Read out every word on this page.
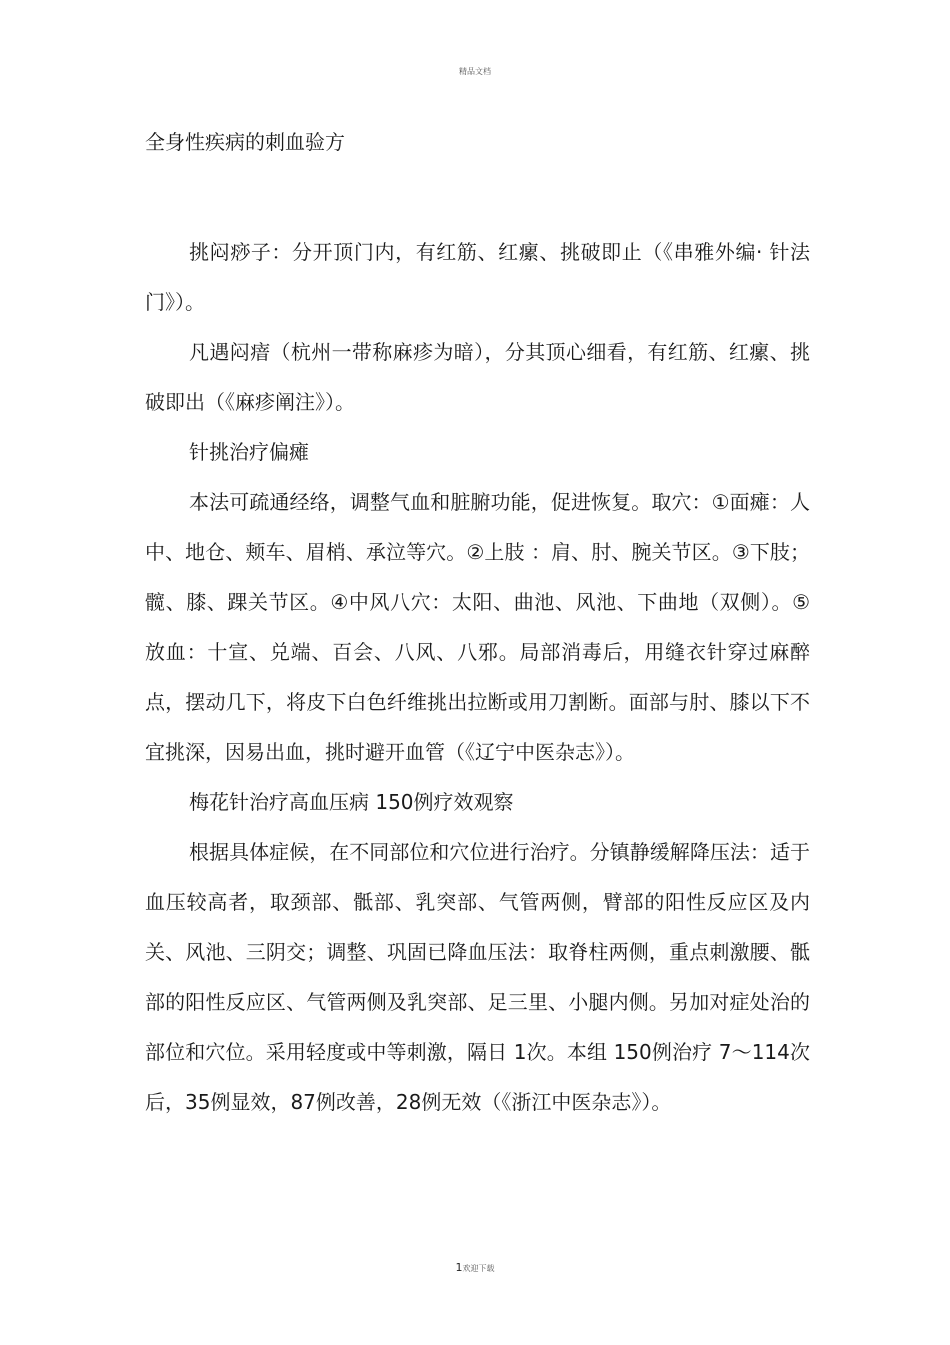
精品文档
全身性疾病的刺血验方

挑闷痧子：分开顶门内，有红筋、红瘰、挑破即止（《串雅外编· 针法门》）。

凡遇闷瘖（杭州一带称麻疹为暗），分其顶心细看，有红筋、红瘰、挑破即出（《麻疹阐注》）。

针挑治疗偏瘫

本法可疏通经络，调整气血和脏腑功能，促进恢复。取穴：①面瘫：人中、地仓、颊车、眉梢、承泣等穴。②上肢 ：肩、肘、腕关节区。③下肢；髋、膝、踝关节区。④中风八穴：太阳、曲池、风池、下曲地（双侧）。⑤放血：十宣、兑端、百会、八风、八邪。局部消毒后，用缝衣针穿过麻醉点，摆动几下，将皮下白色纤维挑出拉断或用刀割断。面部与肘、膝以下不宜挑深，因易出血，挑时避开血管（《辽宁中医杂志》）。

梅花针治疗高血压病 150例疗效观察

根据具体症候，在不同部位和穴位进行治疗。分镇静缓解降压法：适于血压较高者，取颈部、骶部、乳突部、气管两侧，臂部的阳性反应区及内关、风池、三阴交；调整、巩固已降血压法：取脊柱两侧，重点刺激腰、骶部的阳性反应区、气管两侧及乳突部、足三里、小腿内侧。另加对症处治的部位和穴位。采用轻度或中等刺激，隔日 1次。本组 150例治疗 7～114次后，35例显效，87例改善，28例无效（《浙江中医杂志》）。

1欢迎下载
